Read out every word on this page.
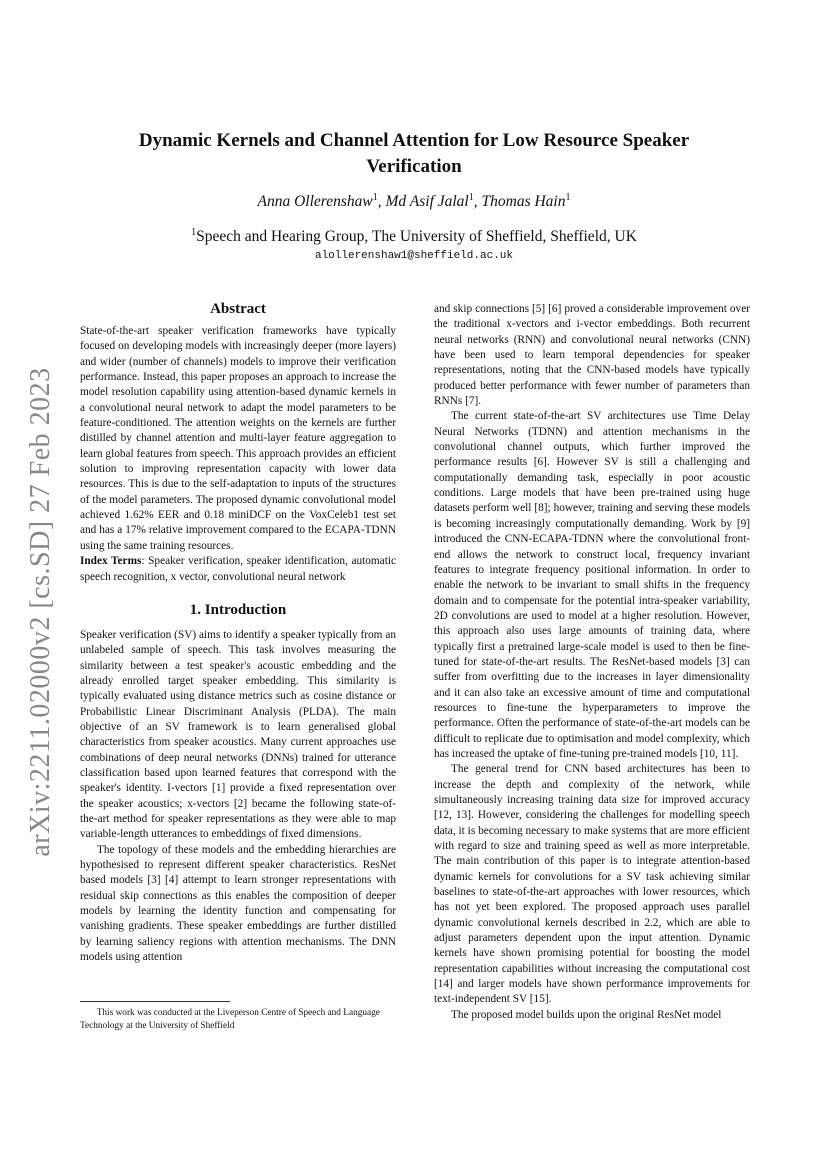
arXiv:2211.02000v2 [cs.SD] 27 Feb 2023
Dynamic Kernels and Channel Attention for Low Resource Speaker Verification
Anna Ollerenshaw$^1$, Md Asif Jalal$^1$, Thomas Hain$^1$
$^1$Speech and Hearing Group, The University of Sheffield, Sheffield, UK
alollerenshaw1@sheffield.ac.uk
Abstract

State-of-the-art speaker verification frameworks have typically focused on developing models with increasingly deeper (more layers) and wider (number of channels) models to improve their verification performance. Instead, this paper proposes an approach to increase the model resolution capability using attention-based dynamic kernels in a convolutional neural network to adapt the model parameters to be feature-conditioned. The attention weights on the kernels are further distilled by channel attention and multi-layer feature aggregation to learn global features from speech. This approach provides an efficient solution to improving representation capacity with lower data resources. This is due to the self-adaptation to inputs of the structures of the model parameters. The proposed dynamic convolutional model achieved 1.62% EER and 0.18 miniDCF on the VoxCeleb1 test set and has a 17% relative improvement compared to the ECAPA-TDNN using the same training resources.

Index Terms: Speaker verification, speaker identification, automatic speech recognition, x vector, convolutional neural network

1. Introduction

Speaker verification (SV) aims to identify a speaker typically from an unlabeled sample of speech. This task involves measuring the similarity between a test speaker's acoustic embedding and the already enrolled target speaker embedding. This similarity is typically evaluated using distance metrics such as cosine distance or Probabilistic Linear Discriminant Analysis (PLDA). The main objective of an SV framework is to learn generalised global characteristics from speaker acoustics. Many current approaches use combinations of deep neural networks (DNNs) trained for utterance classification based upon learned features that correspond with the speaker's identity. I-vectors [1] provide a fixed representation over the speaker acoustics; x-vectors [2] became the following state-of-the-art method for speaker representations as they were able to map variable-length utterances to embeddings of fixed dimensions.

The topology of these models and the embedding hierarchies are hypothesised to represent different speaker characteristics. ResNet based models [3] [4] attempt to learn stronger representations with residual skip connections as this enables the composition of deeper models by learning the identity function and compensating for vanishing gradients. These speaker embeddings are further distilled by learning saliency regions with attention mechanisms. The DNN models using attention

and skip connections [5] [6] proved a considerable improvement over the traditional x-vectors and i-vector embeddings. Both recurrent neural networks (RNN) and convolutional neural networks (CNN) have been used to learn temporal dependencies for speaker representations, noting that the CNN-based models have typically produced better performance with fewer number of parameters than RNNs [7].

The current state-of-the-art SV architectures use Time Delay Neural Networks (TDNN) and attention mechanisms in the convolutional channel outputs, which further improved the performance results [6]. However SV is still a challenging and computationally demanding task, especially in poor acoustic conditions. Large models that have been pre-trained using huge datasets perform well [8]; however, training and serving these models is becoming increasingly computationally demanding. Work by [9] introduced the CNN-ECAPA-TDNN where the convolutional front-end allows the network to construct local, frequency invariant features to integrate frequency positional information. In order to enable the network to be invariant to small shifts in the frequency domain and to compensate for the potential intra-speaker variability, 2D convolutions are used to model at a higher resolution. However, this approach also uses large amounts of training data, where typically first a pretrained large-scale model is used to then be fine-tuned for state-of-the-art results. The ResNet-based models [3] can suffer from overfitting due to the increases in layer dimensionality and it can also take an excessive amount of time and computational resources to fine-tune the hyperparameters to improve the performance. Often the performance of state-of-the-art models can be difficult to replicate due to optimisation and model complexity, which has increased the uptake of fine-tuning pre-trained models [10, 11].

The general trend for CNN based architectures has been to increase the depth and complexity of the network, while simultaneously increasing training data size for improved accuracy [12, 13]. However, considering the challenges for modelling speech data, it is becoming necessary to make systems that are more efficient with regard to size and training speed as well as more interpretable. The main contribution of this paper is to integrate attention-based dynamic kernels for convolutions for a SV task achieving similar baselines to state-of-the-art approaches with lower resources, which has not yet been explored. The proposed approach uses parallel dynamic convolutional kernels described in 2.2, which are able to adjust parameters dependent upon the input attention. Dynamic kernels have shown promising potential for boosting the model representation capabilities without increasing the computational cost [14] and larger models have shown performance improvements for text-independent SV [15].

The proposed model builds upon the original ResNet model

This work was conducted at the Liveperson Centre of Speech and Language Technology at the University of Sheffield
